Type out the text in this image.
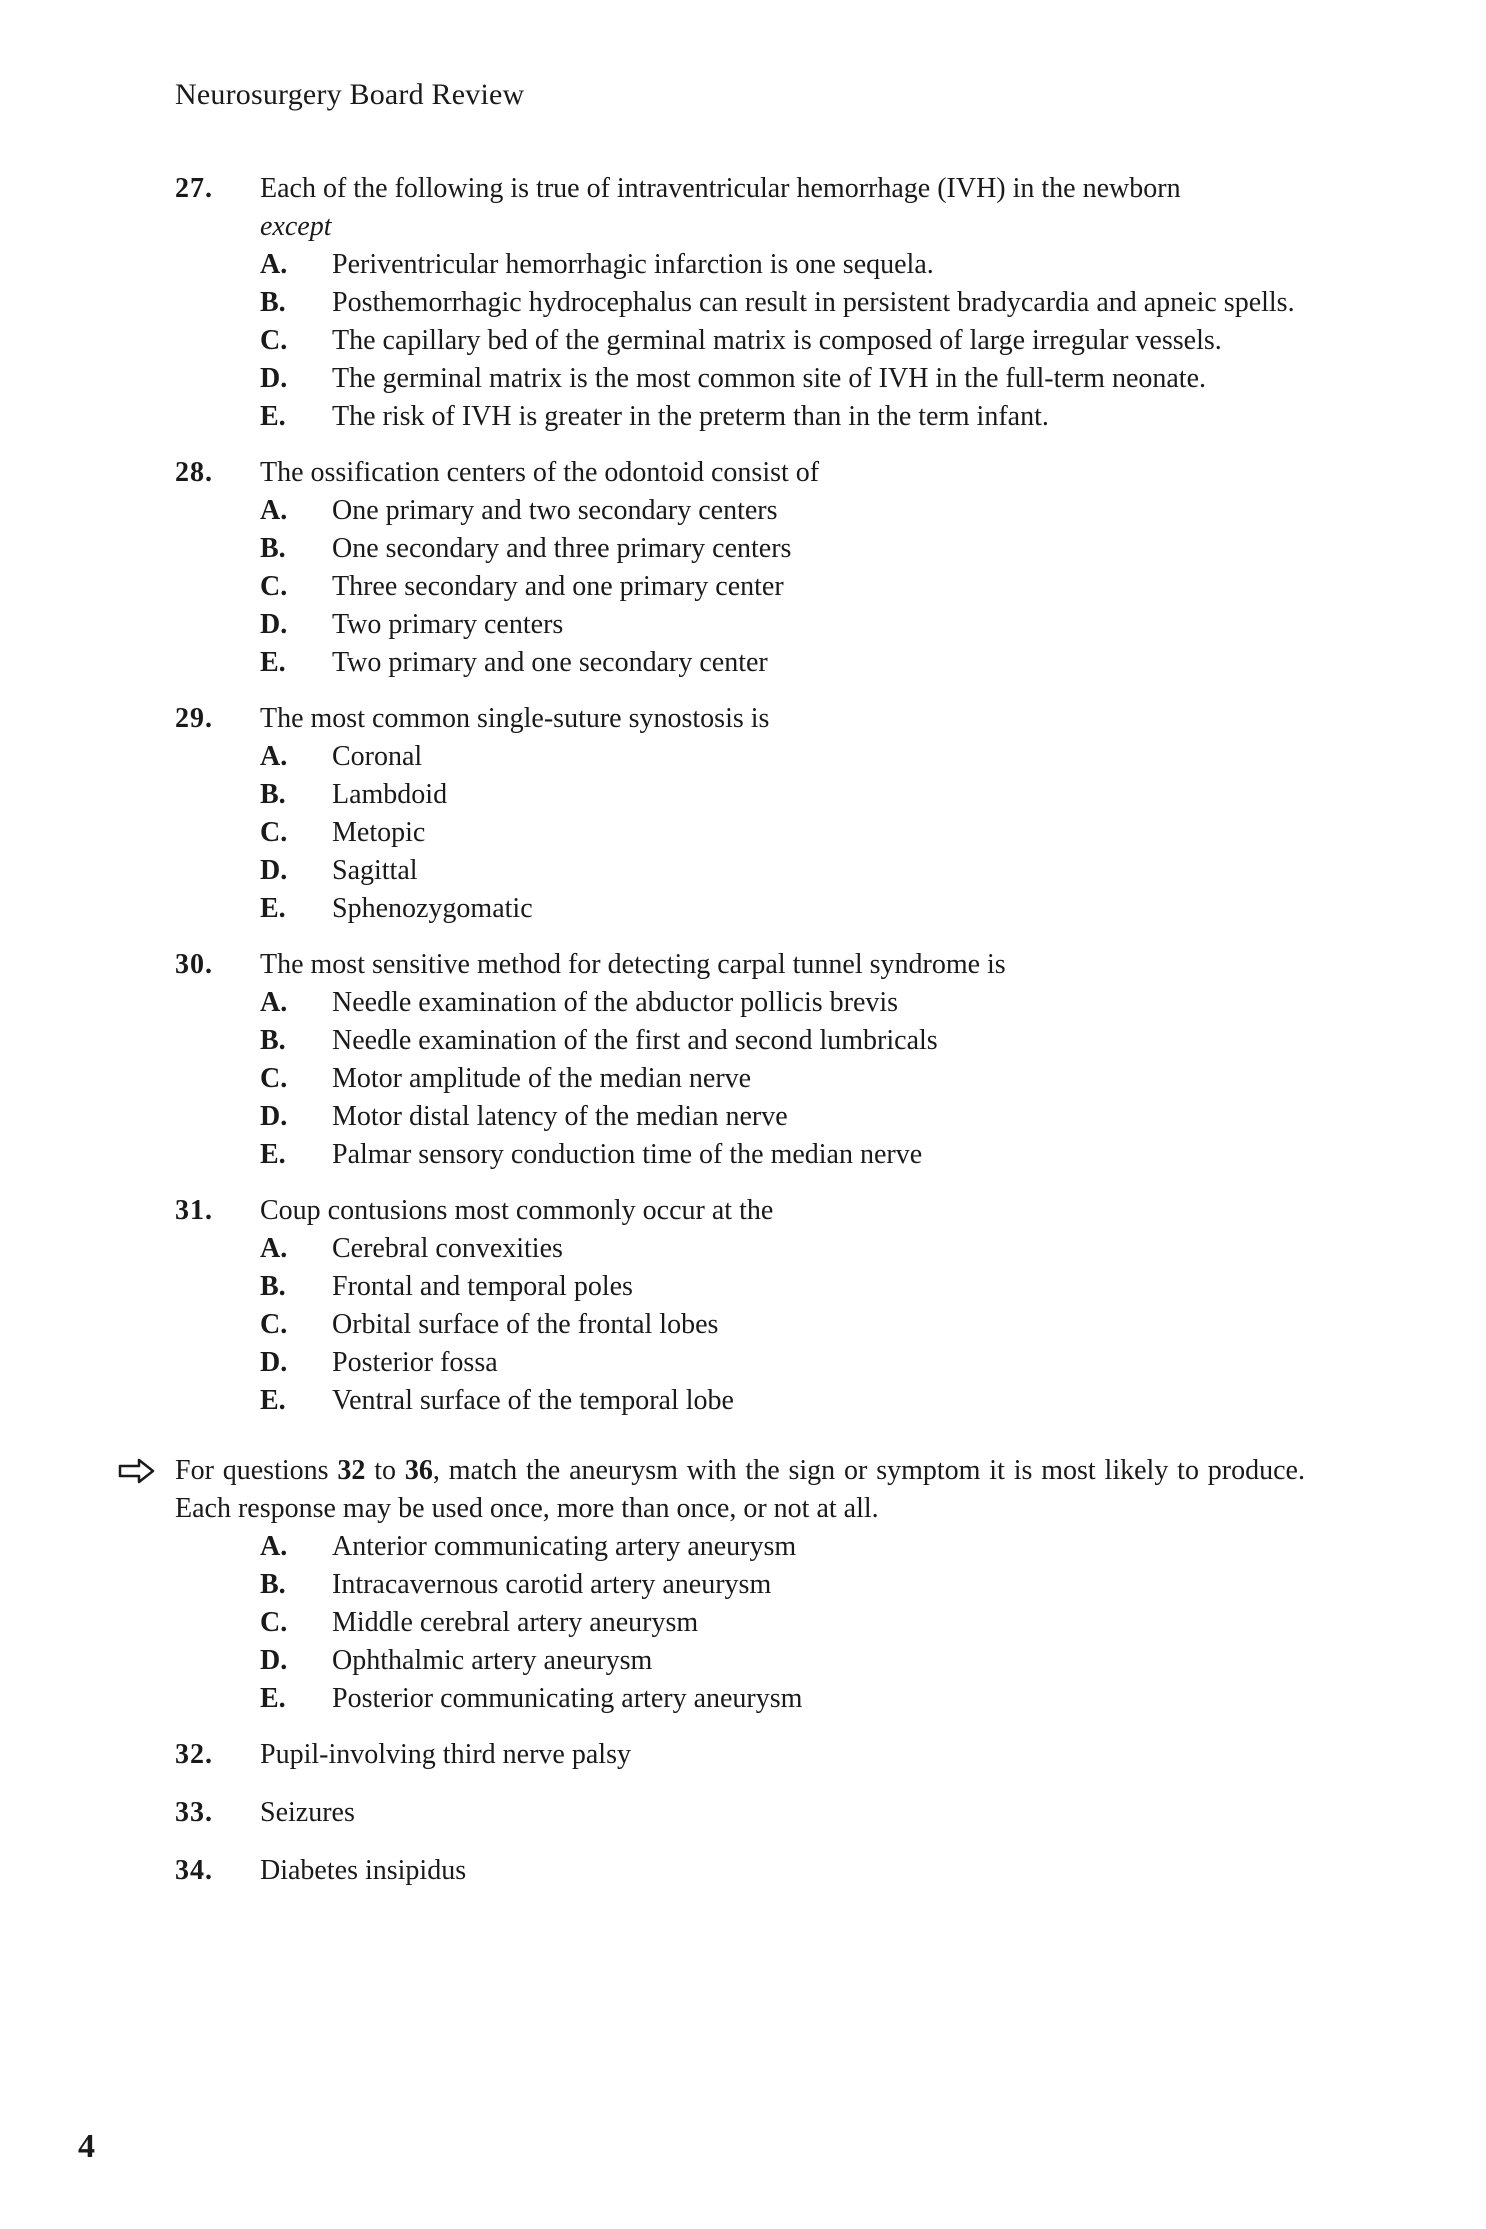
Neurosurgery Board Review
27. Each of the following is true of intraventricular hemorrhage (IVH) in the newborn
except
A. Periventricular hemorrhagic infarction is one sequela.
B. Posthemorrhagic hydrocephalus can result in persistent bradycardia and apneic spells.
C. The capillary bed of the germinal matrix is composed of large irregular vessels.
D. The germinal matrix is the most common site of IVH in the full-term neonate.
E. The risk of IVH is greater in the preterm than in the term infant.
28. The ossification centers of the odontoid consist of
A. One primary and two secondary centers
B. One secondary and three primary centers
C. Three secondary and one primary center
D. Two primary centers
E. Two primary and one secondary center
29. The most common single-suture synostosis is
A. Coronal
B. Lambdoid
C. Metopic
D. Sagittal
E. Sphenozygomatic
30. The most sensitive method for detecting carpal tunnel syndrome is
A. Needle examination of the abductor pollicis brevis
B. Needle examination of the first and second lumbricals
C. Motor amplitude of the median nerve
D. Motor distal latency of the median nerve
E. Palmar sensory conduction time of the median nerve
31. Coup contusions most commonly occur at the
A. Cerebral convexities
B. Frontal and temporal poles
C. Orbital surface of the frontal lobes
D. Posterior fossa
E. Ventral surface of the temporal lobe
For questions 32 to 36, match the aneurysm with the sign or symptom it is most likely to produce. Each response may be used once, more than once, or not at all.
A. Anterior communicating artery aneurysm
B. Intracavernous carotid artery aneurysm
C. Middle cerebral artery aneurysm
D. Ophthalmic artery aneurysm
E. Posterior communicating artery aneurysm
32. Pupil-involving third nerve palsy
33. Seizures
34. Diabetes insipidus
4
